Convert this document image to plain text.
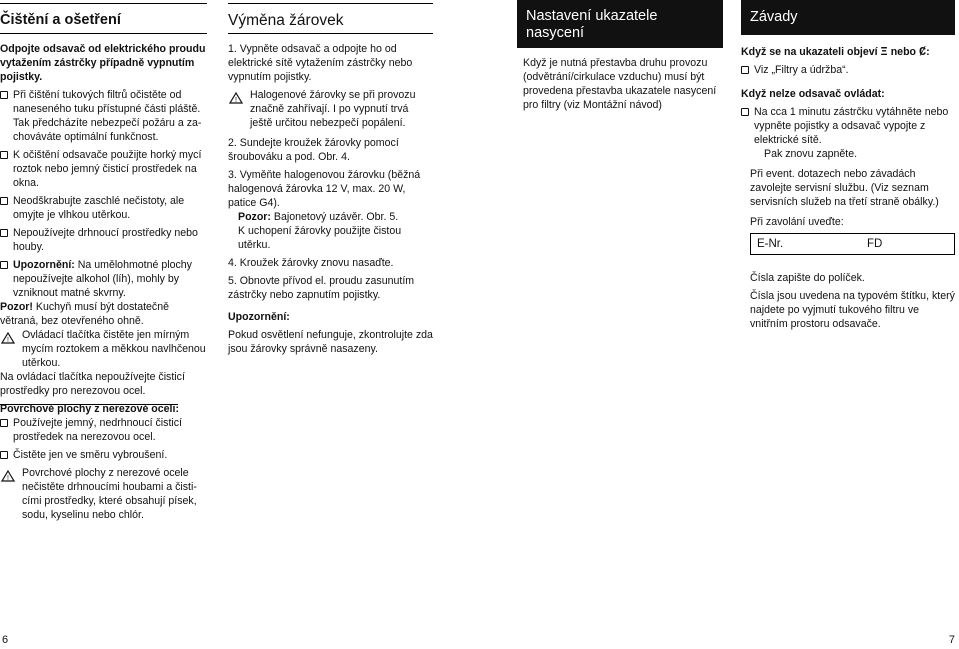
Čištění a ošetření

Odpojte odsavač od elektrického proudu vytažením zástrčky případně vypnutím pojistky.

Při čištění tukových filtrů očistěte od naneseného tuku přístupné části pláště. Tak předcházíte nebezpečí požáru a zachováváte optimální funkčnost.
K očištění odsavače použijte horký mycí roztok nebo jemný čisticí prostředek na okna.
Neodškrabujte zaschlé nečistoty, ale omyjte je vlhkou utěrkou.
Nepoužívejte drhnoucí prostředky nebo houby.
Upozornění: Na umělohmotné plochy nepoužívejte alkohol (líh), mohly by vzniknout matné skvrny.

Pozor! Kuchyň musí být dostatečně větraná, bez otevřeného ohně.

! Ovládací tlačítka čistěte jen mírným mycím roztokem a měkkou navlhčenou utěrkou.

Na ovládací tlačítka nepoužívejte čisticí prostředky pro nerezovou ocel.

Povrchové plochy z nerezové oceli:

Používejte jemný, nedrhnoucí čisticí prostředek na nerezovou ocel.
Čistěte jen ve směru vybroušení.
! Povrchové plochy z nerezové ocele nečistěte drhnoucími houbami a čisticími prostředky, které obsahují písek, sodu, kyselinu nebo chlór.
Výměna žárovek

1. Vypněte odsavač a odpojte ho od elektrické sítě vytažením zástrčky nebo vypnutím pojistky.

! Halogenové žárovky se při provozu značně zahřívají. I po vypnutí trvá ještě určitou nebezpečí popálení.

2. Sundejte kroužek žárovky pomocí šroubováku a pod. Obr. 4.

3. Vyměňte halogenovou žárovku (běžná halogenová žárovka 12 V, max. 20 W, patice G4).

Pozor: Bajonetový uzávěr. Obr. 5.

K uchopení žárovky použijte čistou utěrku.

4. Kroužek žárovky znovu nasaďte.

5. Obnovte přívod el. proudu zasunutím zástrčky nebo zapnutím pojistky.

Upozornění:

Pokud osvětlení nefunguje, zkontrolujte zda jsou žárovky správně nasazeny.

Nastavení ukazatele nasycení

Když je nutná přestavba druhu provozu (odvětrání/cirkulace vzduchu) musí být provedena přestavba ukazatele nasycení pro filtry (viz Montážní návod)

Závady

Když se na ukazateli objeví Ξ nebo Ȼ:

Viz „Filtry a údržba“.

Když nelze odsavač ovládat:

Na cca 1 minutu zástrčku vytáhněte nebo vypněte pojistky a odsavač vypojte z elektrické sítě.

Pak znovu zapněte.

Při event. dotazech nebo závadách zavolejte servisní službu. (Viz seznam servisních služeb na třetí straně obálky.)

Při zavolání uveďte:

E-Nr.	FD

Čísla zapište do políček.

Čísla jsou uvedena na typovém štítku, který najdete po vyjmutí tukového filtru ve vnitřním prostoru odsavače.

6	7
